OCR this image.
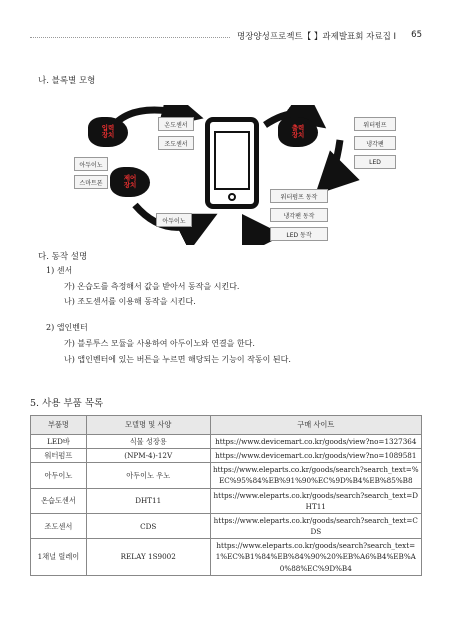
명장양성프로젝트【 】과제발표회 자료집 Ⅰ 65
나. 블록별 모형
입력
장치
제어
장치
출력
장치
온도센서
조도센서
아두이노
스마트폰
아두이노
워터펌프
냉각팬
LED
워터펌프 동작
냉각팬 동작
LED 동작
다. 동작 설명
1) 센서
가) 온습도를 측정해서 값을 받아서 동작을 시킨다.
나) 조도센서를 이용해 동작을 시킨다.
2) 앱인벤터
가) 블루투스 모듈을 사용하여 아두이노와 연결을 한다.
나) 앱인벤터에 있는 버튼을 누르면 해당되는 기능이 작동이 된다.
5. 사용 부품 목록
부품명	모델명 및 사양	구매 사이트
LED바	식물 성장용	https://www.devicemart.co.kr/goods/view?no=1327364
워터펌프	(NPM-4)-12V	https://www.devicemart.co.kr/goods/view?no=1089581
아두이노	아두이노 우노	https://www.eleparts.co.kr/goods/search?search_text=%EC%95%84%EB%91%90%EC%9D%B4%EB%85%B8
온습도센서	DHT11	https://www.eleparts.co.kr/goods/search?search_text=DHT11
조도센서	CDS	https://www.eleparts.co.kr/goods/search?search_text=CDS
1채널 릴레이	RELAY 1S9002	https://www.eleparts.co.kr/goods/search?search_text=1%EC%B1%84%EB%84%90%20%EB%A6%B4%EB%A0%88%EC%9D%B4
